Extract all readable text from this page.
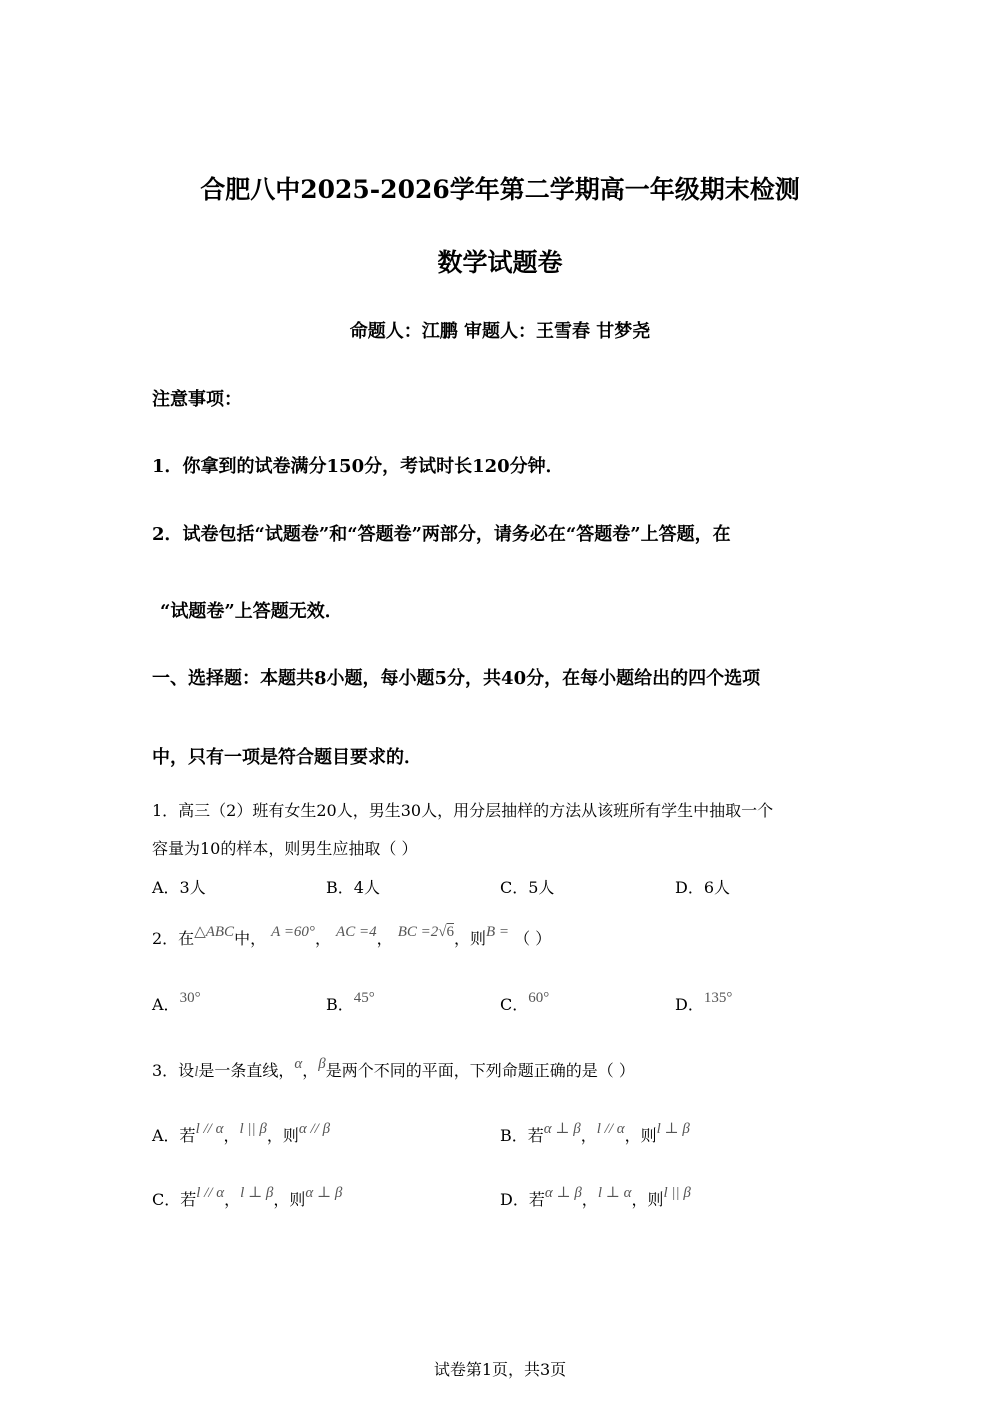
合肥八中2025-2026学年第二学期高一年级期末检测
数学试题卷
命题人：江鹏 审题人：王雪春 甘梦尧
注意事项：
1．你拿到的试卷满分150分，考试时长120分钟．
2．试卷包括“试题卷”和“答题卷”两部分，请务必在“答题卷”上答题，在
“试题卷”上答题无效．
一、选择题：本题共8小题，每小题5分，共40分，在每小题给出的四个选项
中，只有一项是符合题目要求的．
1．高三（2）班有女生20人，男生30人，用分层抽样的方法从该班所有学生中抽取一个
容量为10的样本，则男生应抽取（ ）
A．3人	B．4人	C．5人	D．6人
2．在△ABC中， A =60°， AC =4， BC =2√6，则B = （ ）
A．30°	B．45°	C．60°	D．135°
3．设l是一条直线，α，β是两个不同的平面，下列命题正确的是（ ）
A．若l // α，l || β，则α // β	B．若α ⊥ β，l // α，则l ⊥ β
C．若l // α，l ⊥ β，则α ⊥ β	D．若α ⊥ β，l ⊥ α，则l || β
试卷第1页，共3页
